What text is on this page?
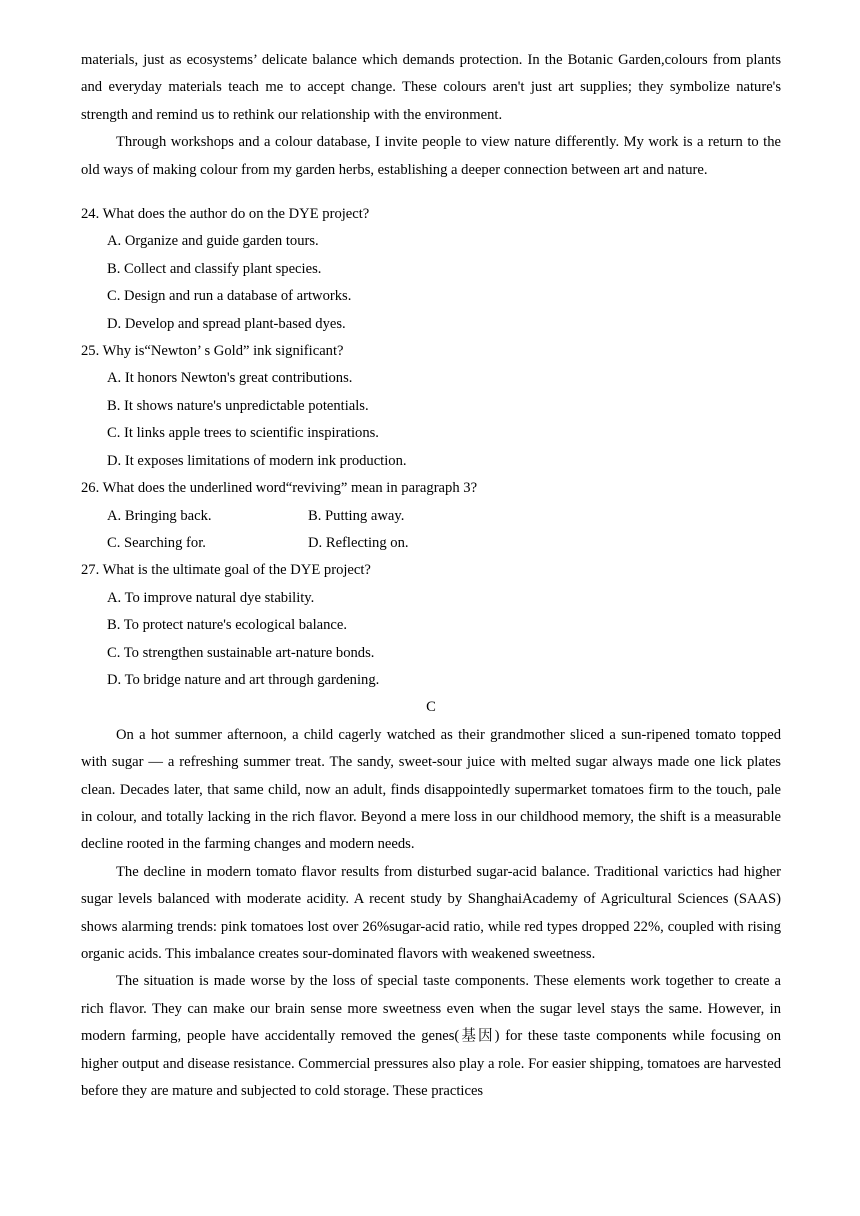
materials, just as ecosystems’ delicate balance which demands protection. In the Botanic Garden,colours from plants and everyday materials teach me to accept change. These colours aren't just art supplies; they symbolize nature's strength and remind us to rethink our relationship with the environment.

Through workshops and a colour database, I invite people to view nature differently. My work is a return to the old ways of making colour from my garden herbs, establishing a deeper connection between art and nature.

24. What does the author do on the DYE project?

A. Organize and guide garden tours.

B. Collect and classify plant species.

C. Design and run a database of artworks.

D. Develop and spread plant-based dyes.

25. Why is“Newton’ s Gold” ink significant?

A. It honors Newton's great contributions.

B. It shows nature's unpredictable potentials.

C. It links apple trees to scientific inspirations.

D. It exposes limitations of modern ink production.

26. What does the underlined word“reviving” mean in paragraph 3?

A. Bringing back.	B. Putting away.
C. Searching for.	D. Reflecting on.

27. What is the ultimate goal of the DYE project?

A. To improve natural dye stability.

B. To protect nature's ecological balance.

C. To strengthen sustainable art-nature bonds.

D. To bridge nature and art through gardening.

C

On a hot summer afternoon, a child cagerly watched as their grandmother sliced a sun-ripened tomato topped with sugar — a refreshing summer treat. The sandy, sweet-sour juice with melted sugar always made one lick plates clean. Decades later, that same child, now an adult, finds disappointedly supermarket tomatoes firm to the touch, pale in colour, and totally lacking in the rich flavor. Beyond a mere loss in our childhood memory, the shift is a measurable decline rooted in the farming changes and modern needs.

The decline in modern tomato flavor results from disturbed sugar-acid balance. Traditional varictics had higher sugar levels balanced with moderate acidity. A recent study by ShanghaiAcademy of Agricultural Sciences (SAAS) shows alarming trends: pink tomatoes lost over 26%sugar-acid ratio, while red types dropped 22%, coupled with rising organic acids. This imbalance creates sour-dominated flavors with weakened sweetness.

The situation is made worse by the loss of special taste components. These elements work together to create a rich flavor. They can make our brain sense more sweetness even when the sugar level stays the same. However, in modern farming, people have accidentally removed the genes(基因) for these taste components while focusing on higher output and disease resistance. Commercial pressures also play a role. For easier shipping, tomatoes are harvested before they are mature and subjected to cold storage. These practices
